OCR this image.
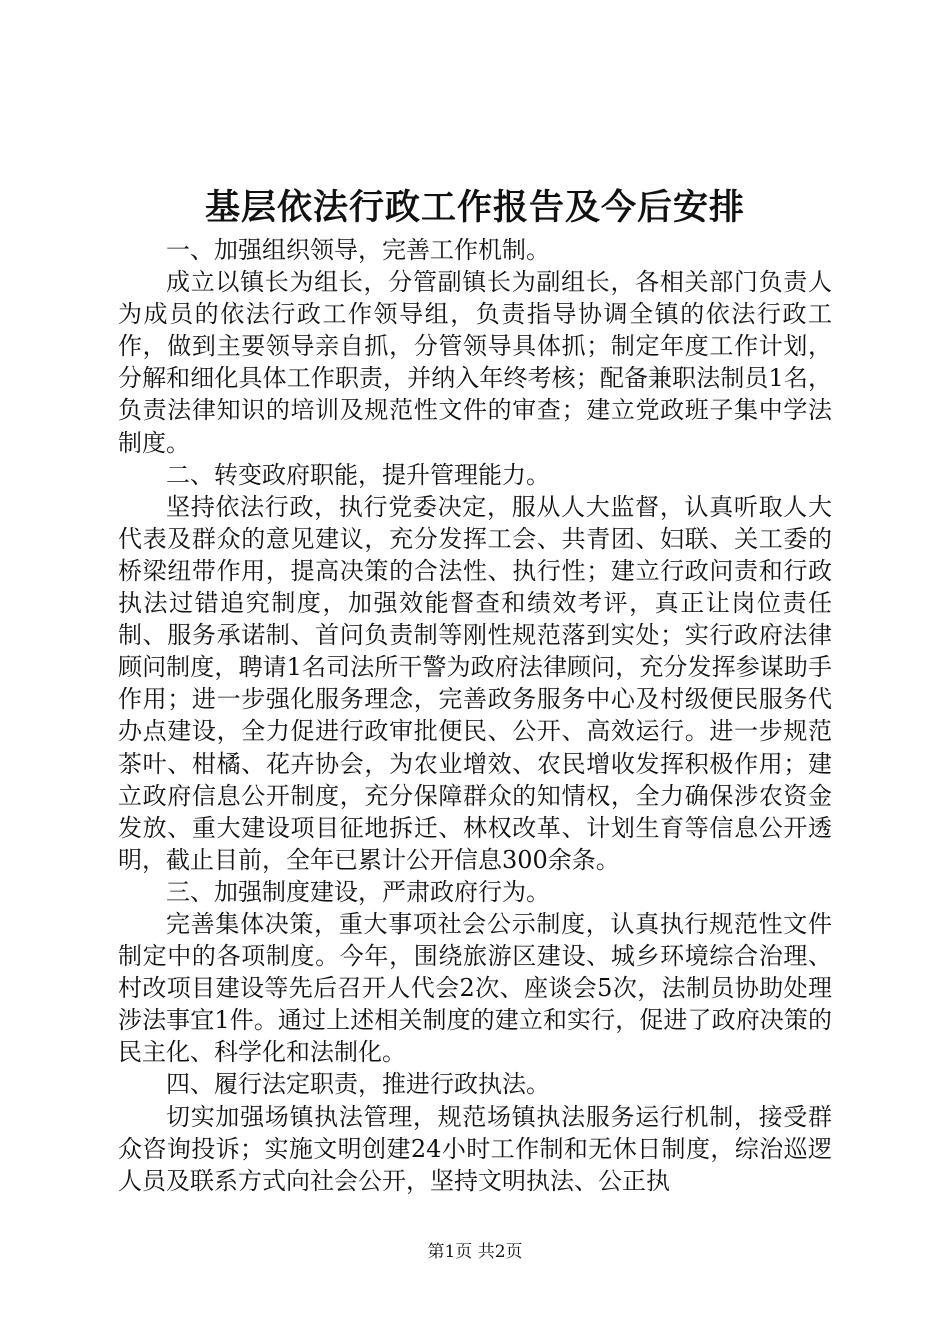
基层依法行政工作报告及今后安排

一、加强组织领导，完善工作机制。

成立以镇长为组长，分管副镇长为副组长，各相关部门负责人为成员的依法行政工作领导组，负责指导协调全镇的依法行政工作，做到主要领导亲自抓，分管领导具体抓；制定年度工作计划，分解和细化具体工作职责，并纳入年终考核；配备兼职法制员1名，负责法律知识的培训及规范性文件的审查；建立党政班子集中学法制度。

二、转变政府职能，提升管理能力。

坚持依法行政，执行党委决定，服从人大监督，认真听取人大代表及群众的意见建议，充分发挥工会、共青团、妇联、关工委的桥梁纽带作用，提高决策的合法性、执行性；建立行政问责和行政执法过错追究制度，加强效能督查和绩效考评，真正让岗位责任制、服务承诺制、首问负责制等刚性规范落到实处；实行政府法律顾问制度，聘请1名司法所干警为政府法律顾问，充分发挥参谋助手作用；进一步强化服务理念，完善政务服务中心及村级便民服务代办点建设，全力促进行政审批便民、公开、高效运行。进一步规范茶叶、柑橘、花卉协会，为农业增效、农民增收发挥积极作用；建立政府信息公开制度，充分保障群众的知情权，全力确保涉农资金发放、重大建设项目征地拆迁、林权改革、计划生育等信息公开透明，截止目前，全年已累计公开信息300余条。

三、加强制度建设，严肃政府行为。

完善集体决策，重大事项社会公示制度，认真执行规范性文件制定中的各项制度。今年，围绕旅游区建设、城乡环境综合治理、村改项目建设等先后召开人代会2次、座谈会5次，法制员协助处理涉法事宜1件。通过上述相关制度的建立和实行，促进了政府决策的民主化、科学化和法制化。

四、履行法定职责，推进行政执法。

切实加强场镇执法管理，规范场镇执法服务运行机制，接受群众咨询投诉；实施文明创建24小时工作制和无休日制度，综治巡逻人员及联系方式向社会公开，坚持文明执法、公正执

第1页 共2页
